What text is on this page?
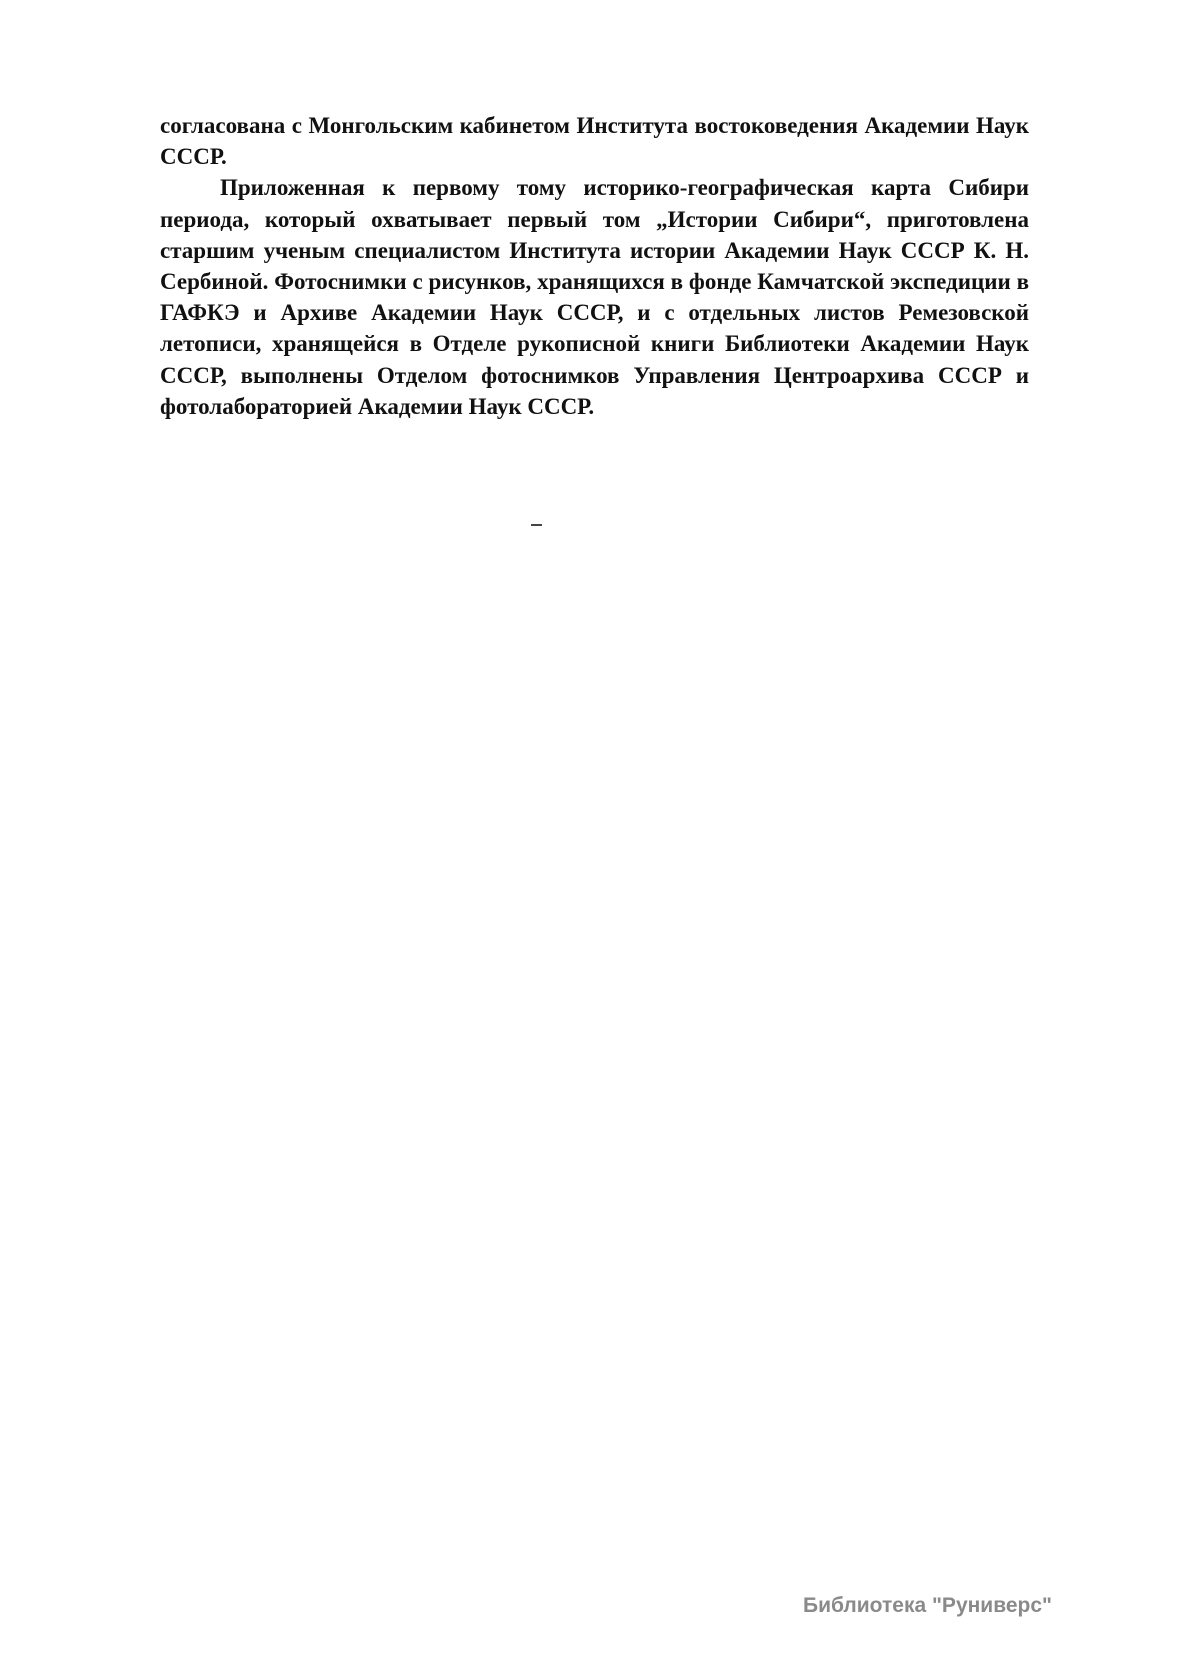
согласована с Монгольским кабинетом Института востоковедения Академии Наук СССР.

Приложенная к первому тому историко-географическая карта Сибири периода, который охватывает первый том „Истории Сибири“, приготовлена старшим ученым специалистом Института истории Академии Наук СССР К. Н. Сербиной. Фотоснимки с рисунков, хранящихся в фонде Камчатской экспедиции в ГАФКЭ и Архиве Академии Наук СССР, и с отдельных листов Ремезовской летописи, хранящейся в Отделе рукописной книги Библиотеки Академии Наук СССР, выполнены Отделом фотоснимков Управления Центроархива СССР и фотолабораторией Академии Наук СССР.

Библиотека "Руниверс"
